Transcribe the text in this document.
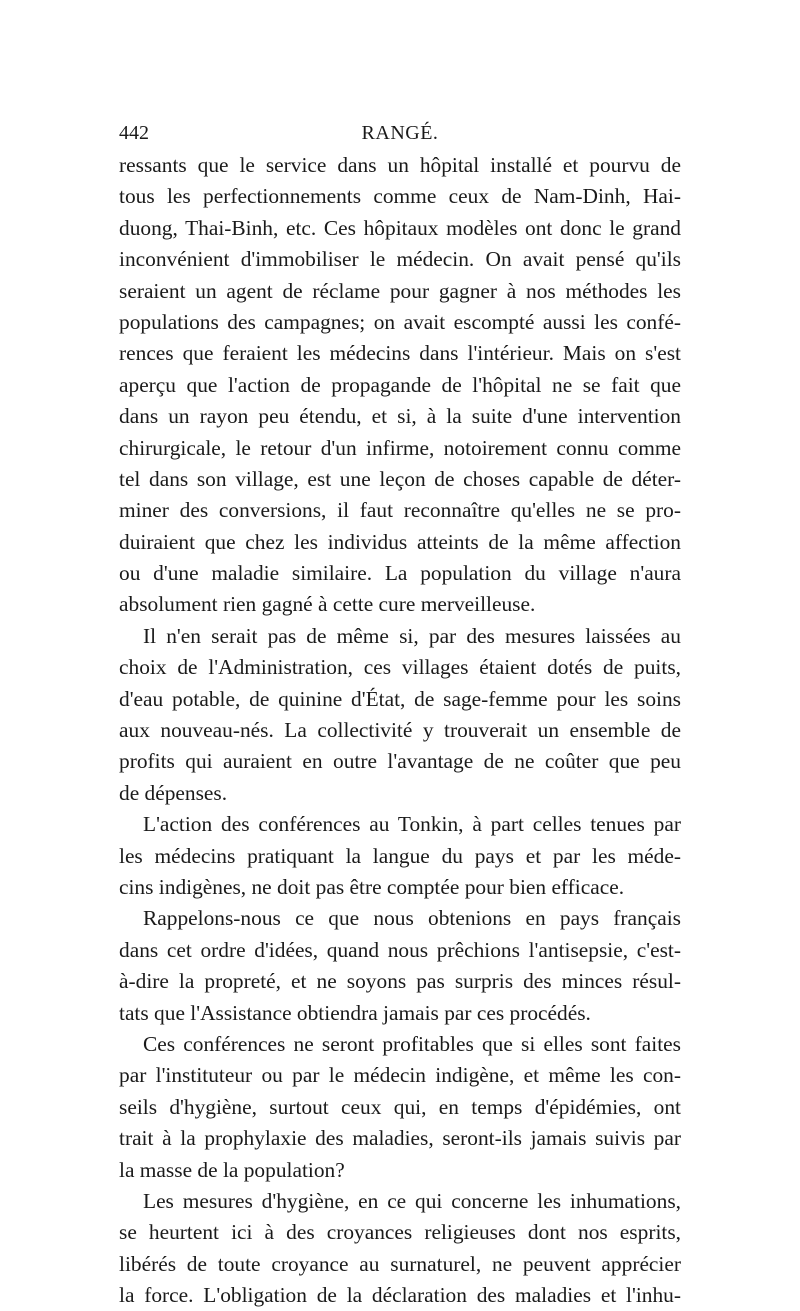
442	RANGÉ.
ressants que le service dans un hôpital installé et pourvu de
tous les perfectionnements comme ceux de Nam-Dinh, Hai-
duong, Thai-Binh, etc. Ces hôpitaux modèles ont donc le grand
inconvénient d'immobiliser le médecin. On avait pensé qu'ils
seraient un agent de réclame pour gagner à nos méthodes les
populations des campagnes; on avait escompté aussi les confé-
rences que feraient les médecins dans l'intérieur. Mais on s'est
aperçu que l'action de propagande de l'hôpital ne se fait que
dans un rayon peu étendu, et si, à la suite d'une intervention
chirurgicale, le retour d'un infirme, notoirement connu comme
tel dans son village, est une leçon de choses capable de déter-
miner des conversions, il faut reconnaître qu'elles ne se pro-
duiraient que chez les individus atteints de la même affection
ou d'une maladie similaire. La population du village n'aura
absolument rien gagné à cette cure merveilleuse.
Il n'en serait pas de même si, par des mesures laissées au
choix de l'Administration, ces villages étaient dotés de puits,
d'eau potable, de quinine d'État, de sage-femme pour les soins
aux nouveau-nés. La collectivité y trouverait un ensemble de
profits qui auraient en outre l'avantage de ne coûter que peu
de dépenses.
L'action des conférences au Tonkin, à part celles tenues par
les médecins pratiquant la langue du pays et par les méde-
cins indigènes, ne doit pas être comptée pour bien efficace.
Rappelons-nous ce que nous obtenions en pays français
dans cet ordre d'idées, quand nous prêchions l'antisepsie, c'est-
à-dire la propreté, et ne soyons pas surpris des minces résul-
tats que l'Assistance obtiendra jamais par ces procédés.
Ces conférences ne seront profitables que si elles sont faites
par l'instituteur ou par le médecin indigène, et même les con-
seils d'hygiène, surtout ceux qui, en temps d'épidémies, ont
trait à la prophylaxie des maladies, seront-ils jamais suivis par
la masse de la population?
Les mesures d'hygiène, en ce qui concerne les inhumations,
se heurtent ici à des croyances religieuses dont nos esprits,
libérés de toute croyance au surnaturel, ne peuvent apprécier
la force. L'obligation de la déclaration des maladies et l'inhu-
